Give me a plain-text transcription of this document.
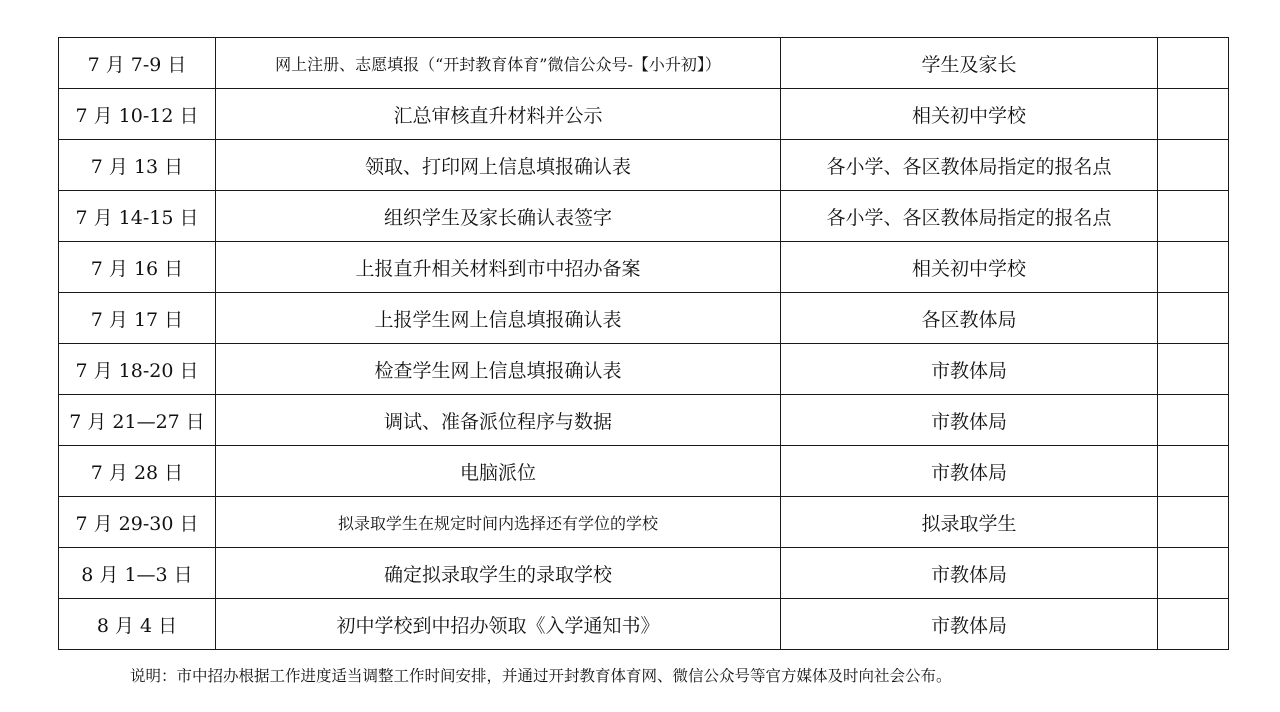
7 月 7-9 日	网上注册、志愿填报（“开封教育体育”微信公众号-【小升初】）	学生及家长	
7 月 10-12 日	汇总审核直升材料并公示	相关初中学校	
7 月 13 日	领取、打印网上信息填报确认表	各小学、各区教体局指定的报名点	
7 月 14-15 日	组织学生及家长确认表签字	各小学、各区教体局指定的报名点	
7 月 16 日	上报直升相关材料到市中招办备案	相关初中学校	
7 月 17 日	上报学生网上信息填报确认表	各区教体局	
7 月 18-20 日	检查学生网上信息填报确认表	市教体局	
7 月 21—27 日	调试、准备派位程序与数据	市教体局	
7 月 28 日	电脑派位	市教体局	
7 月 29-30 日	拟录取学生在规定时间内选择还有学位的学校	拟录取学生	
8 月 1—3 日	确定拟录取学生的录取学校	市教体局	
8 月 4 日	初中学校到中招办领取《入学通知书》	市教体局	
说明：市中招办根据工作进度适当调整工作时间安排，并通过开封教育体育网、微信公众号等官方媒体及时向社会公布。
